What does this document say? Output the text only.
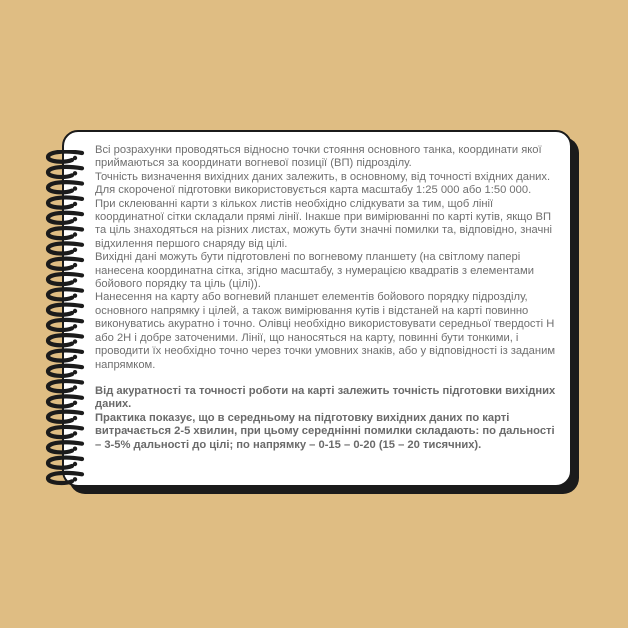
Всі розрахунки проводяться відносно точки стояння основного танка, координати якої приймаються за координати вогневої позиції (ВП) підрозділу.

Точність визначення вихідних даних залежить, в основному, від точності вхідних даних.

Для скороченої підготовки використовується карта масштабу 1:25 000 або 1:50 000.

При склеюванні карти з кількох листів необхідно слідкувати за тим, щоб лінії координатної сітки складали прямі лінії. Інакше при вимірюванні по карті кутів, якщо ВП та ціль знаходяться на різних листах, можуть бути значні помилки та, відповідно, значні відхилення першого снаряду від цілі.

Вихідні дані можуть бути підготовлені по вогневому планшету (на світлому папері нанесена координатна сітка, згідно масштабу, з нумерацією квадратів з елементами бойового порядку та ціль (цілі)).

Нанесення на карту або вогневий планшет елементів бойового порядку підрозділу, основного напрямку і цілей, а також вимірювання кутів і відстаней на карті повинно виконуватись акуратно і точно. Олівці необхідно використовувати середньої твердості Н або 2Н і добре заточеними. Лінії, що наносяться на карту, повинні бути тонкими, і проводити їх необхідно точно через точки умовних знаків, або у відповідності із заданим напрямком.

Від акуратності та точності роботи на карті залежить точність підготовки вихідних даних.

Практика показує, що в середньому на підготовку вихідних даних по карті витрачається 2-5 хвилин, при цьому середнінні помилки складають: по дальності – 3-5% дальності до цілі; по напрямку – 0-15 – 0-20 (15 – 20 тисячних).
